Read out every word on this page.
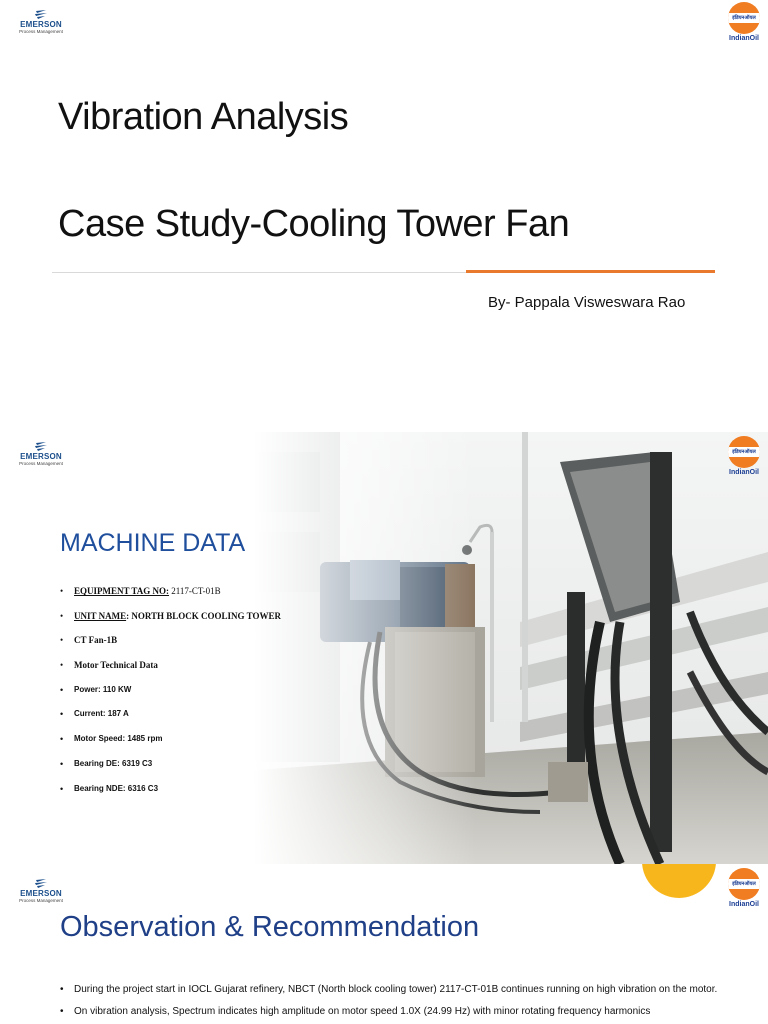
EMERSON
Process Management
इंडियनऑयल
IndianOil
Vibration Analysis
Case Study-Cooling Tower Fan
By- Pappala Visweswara Rao
EMERSON
Process Management
इंडियनऑयल
IndianOil
MACHINE DATA
• EQUIPMENT TAG NO: 2117-CT-01B
• UNIT NAME: NORTH BLOCK COOLING TOWER
• CT Fan-1B
• Motor Technical Data
• Power: 110 KW
• Current: 187 A
• Motor Speed: 1485 rpm
• Bearing DE: 6319 C3
• Bearing NDE: 6316 C3
EMERSON
Process Management
इंडियनऑयल
IndianOil
Observation & Recommendation
• During the project start in IOCL Gujarat refinery, NBCT (North block cooling tower) 2117-CT-01B continues running on high vibration on the motor.
• On vibration analysis, Spectrum indicates high amplitude on motor speed 1.0X (24.99 Hz) with minor rotating frequency harmonics
